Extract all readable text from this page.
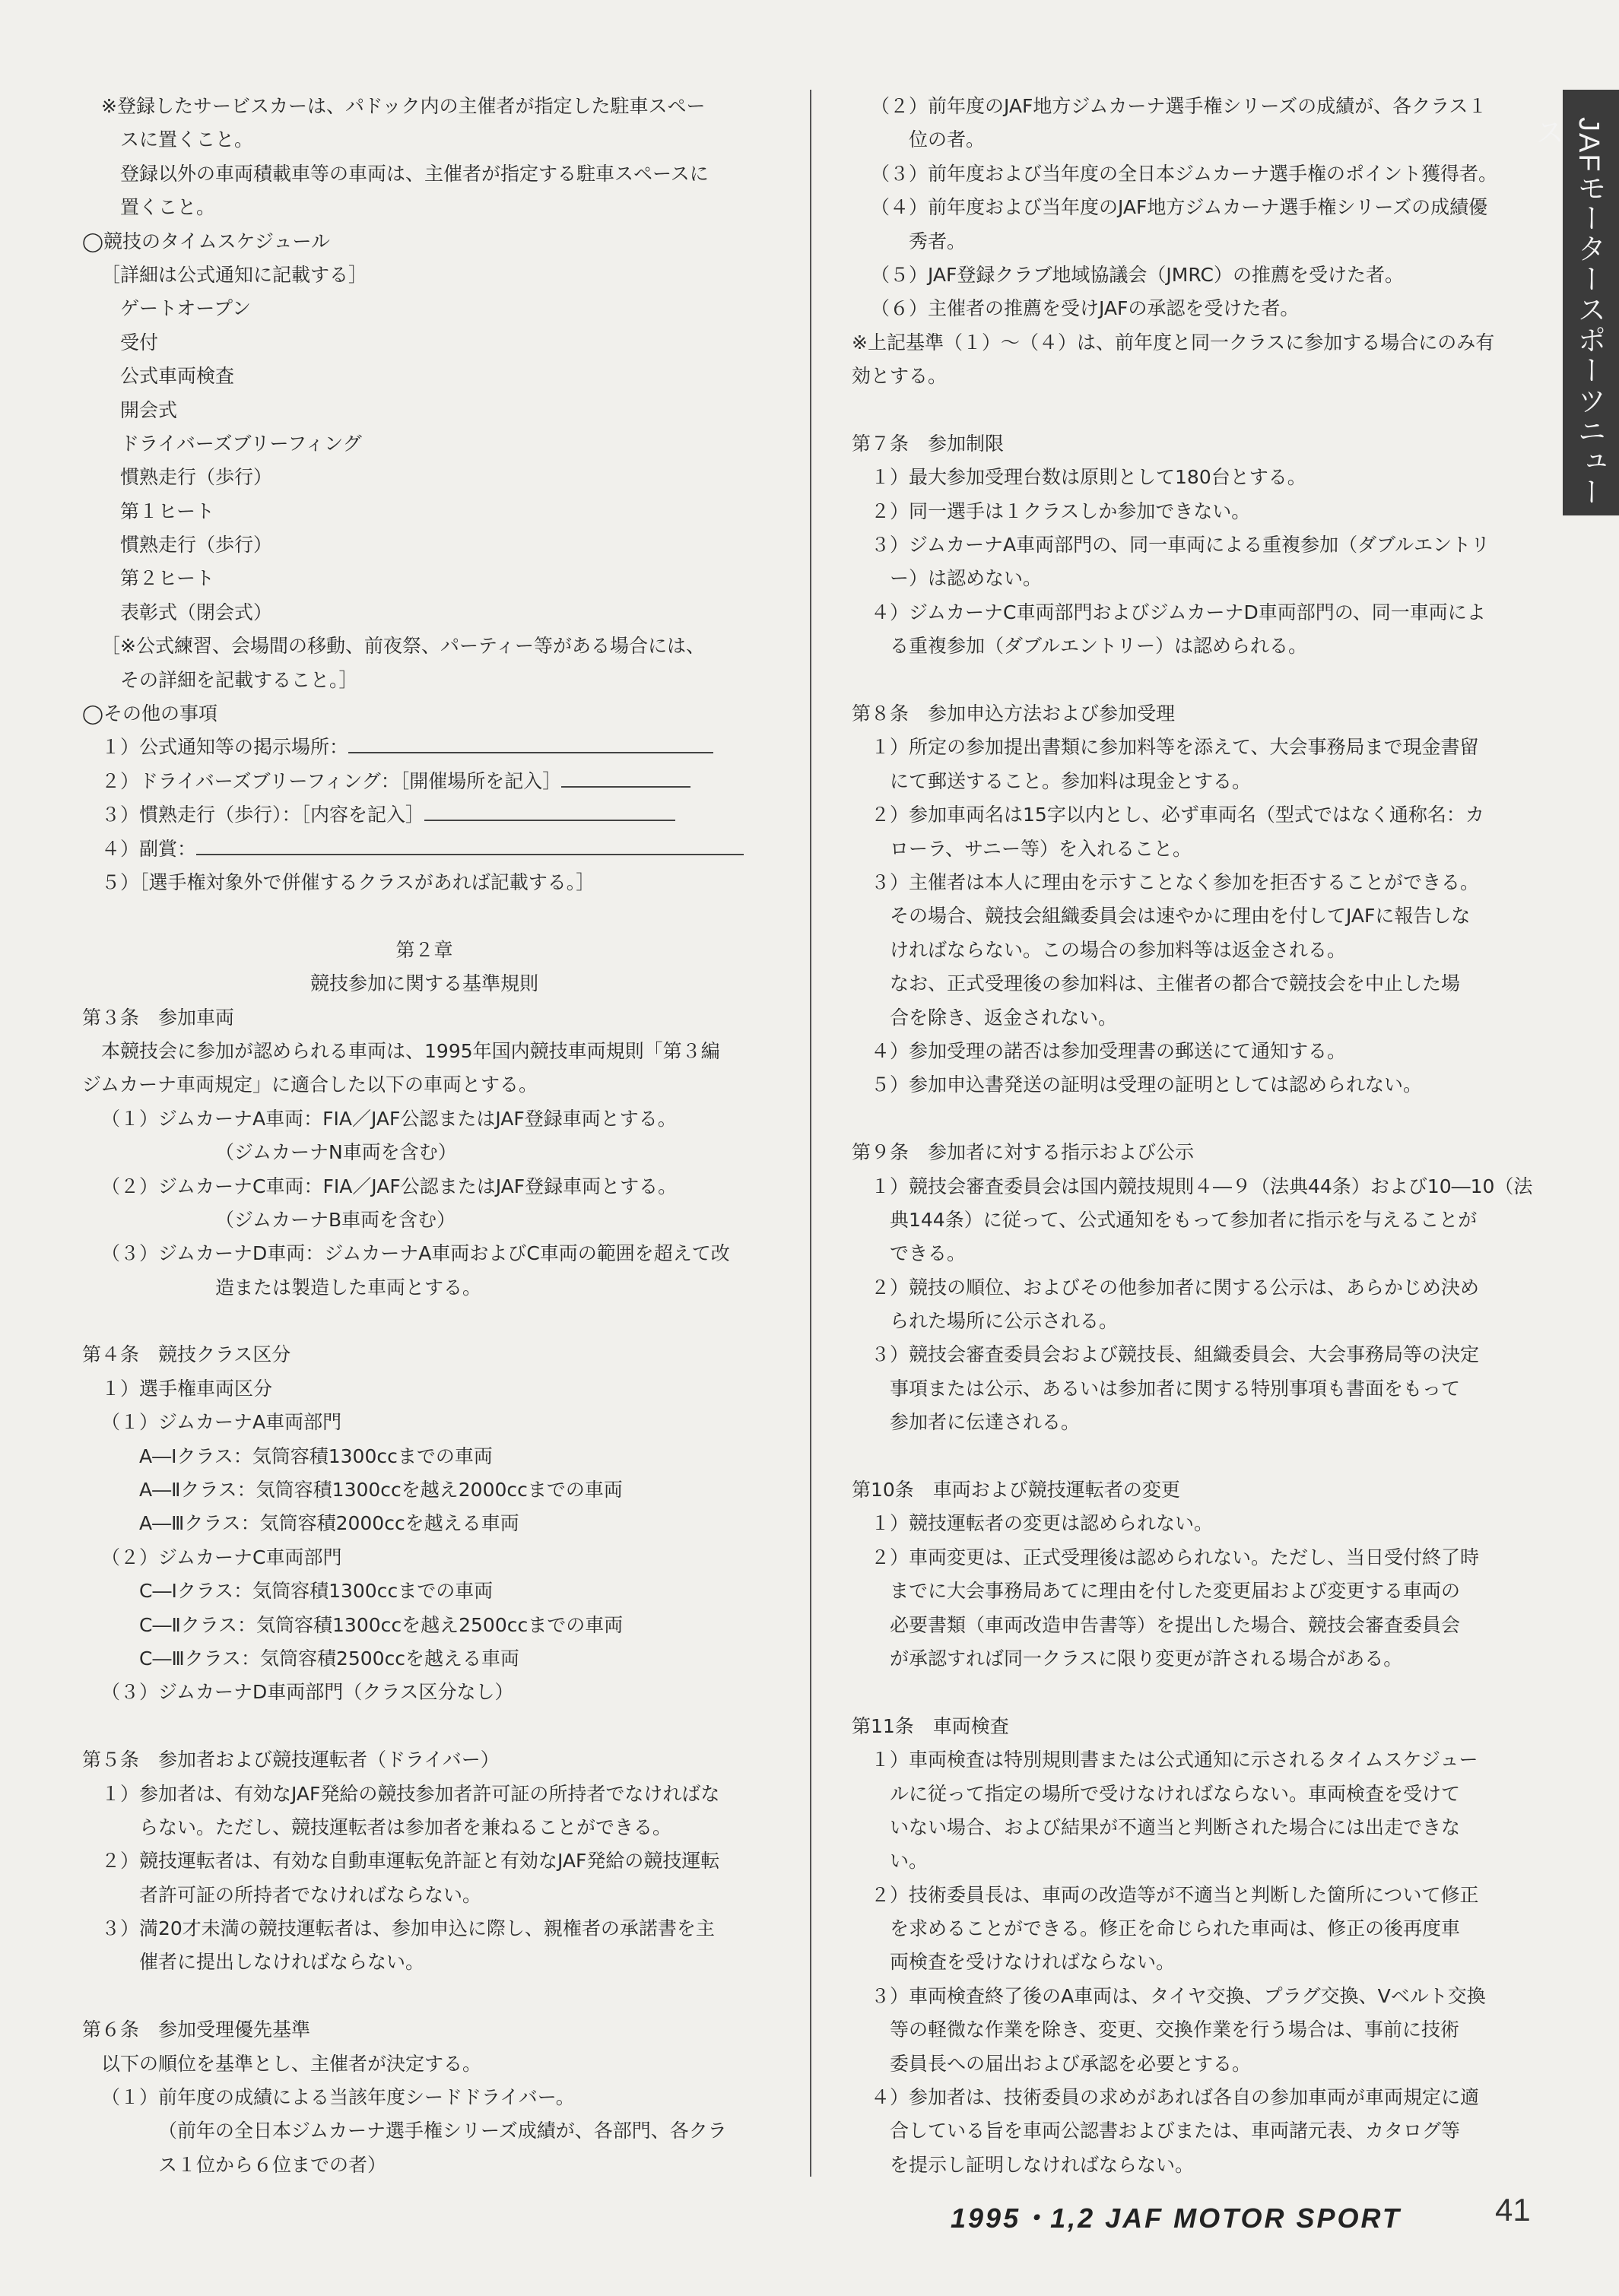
JAFモータースポーツニュース
※登録したサービスカーは、パドック内の主催者が指定した駐車スペー
スに置くこと。
登録以外の車両積載車等の車両は、主催者が指定する駐車スペースに
置くこと。
◯競技のタイムスケジュール
［詳細は公式通知に記載する］
ゲートオープン
受付
公式車両検査
開会式
ドライバーズブリーフィング
慣熟走行（歩行）
第１ヒート
慣熟走行（歩行）
第２ヒート
表彰式（閉会式）
［※公式練習、会場間の移動、前夜祭、パーティー等がある場合には、
その詳細を記載すること。］
◯その他の事項
１）公式通知等の掲示場所：
２）ドライバーズブリーフィング：［開催場所を記入］
３）慣熟走行（歩行）：［内容を記入］
４）副賞：
５）［選手権対象外で併催するクラスがあれば記載する。］
第２章
競技参加に関する基準規則
第３条　参加車両
本競技会に参加が認められる車両は、1995年国内競技車両規則「第３編
ジムカーナ車両規定」に適合した以下の車両とする。
（１）ジムカーナA車両：FIA／JAF公認またはJAF登録車両とする。
（ジムカーナN車両を含む）
（２）ジムカーナC車両：FIA／JAF公認またはJAF登録車両とする。
（ジムカーナB車両を含む）
（３）ジムカーナD車両：ジムカーナA車両およびC車両の範囲を超えて改
造または製造した車両とする。
第４条　競技クラス区分
１）選手権車両区分
（１）ジムカーナA車両部門
A―Ⅰクラス：気筒容積1300ccまでの車両
A―Ⅱクラス：気筒容積1300ccを越え2000ccまでの車両
A―Ⅲクラス：気筒容積2000ccを越える車両
（２）ジムカーナC車両部門
C―Ⅰクラス：気筒容積1300ccまでの車両
C―Ⅱクラス：気筒容積1300ccを越え2500ccまでの車両
C―Ⅲクラス：気筒容積2500ccを越える車両
（３）ジムカーナD車両部門（クラス区分なし）
第５条　参加者および競技運転者（ドライバー）
１）参加者は、有効なJAF発給の競技参加者許可証の所持者でなければな
らない。ただし、競技運転者は参加者を兼ねることができる。
２）競技運転者は、有効な自動車運転免許証と有効なJAF発給の競技運転
者許可証の所持者でなければならない。
３）満20才未満の競技運転者は、参加申込に際し、親権者の承諾書を主
催者に提出しなければならない。
第６条　参加受理優先基準
以下の順位を基準とし、主催者が決定する。
（１）前年度の成績による当該年度シードドライバー。
（前年の全日本ジムカーナ選手権シリーズ成績が、各部門、各クラ
ス１位から６位までの者）
（２）前年度のJAF地方ジムカーナ選手権シリーズの成績が、各クラス１
位の者。
（３）前年度および当年度の全日本ジムカーナ選手権のポイント獲得者。
（４）前年度および当年度のJAF地方ジムカーナ選手権シリーズの成績優
秀者。
（５）JAF登録クラブ地域協議会（JMRC）の推薦を受けた者。
（６）主催者の推薦を受けJAFの承認を受けた者。
※上記基準（１）〜（４）は、前年度と同一クラスに参加する場合にのみ有
効とする。
第７条　参加制限
１）最大参加受理台数は原則として180台とする。
２）同一選手は１クラスしか参加できない。
３）ジムカーナA車両部門の、同一車両による重複参加（ダブルエントリ
ー）は認めない。
４）ジムカーナC車両部門およびジムカーナD車両部門の、同一車両によ
る重複参加（ダブルエントリー）は認められる。
第８条　参加申込方法および参加受理
１）所定の参加提出書類に参加料等を添えて、大会事務局まで現金書留
にて郵送すること。参加料は現金とする。
２）参加車両名は15字以内とし、必ず車両名（型式ではなく通称名：カ
ローラ、サニー等）を入れること。
３）主催者は本人に理由を示すことなく参加を拒否することができる。
その場合、競技会組織委員会は速やかに理由を付してJAFに報告しな
ければならない。この場合の参加料等は返金される。
なお、正式受理後の参加料は、主催者の都合で競技会を中止した場
合を除き、返金されない。
４）参加受理の諾否は参加受理書の郵送にて通知する。
５）参加申込書発送の証明は受理の証明としては認められない。
第９条　参加者に対する指示および公示
１）競技会審査委員会は国内競技規則４―９（法典44条）および10―10（法
典144条）に従って、公式通知をもって参加者に指示を与えることが
できる。
２）競技の順位、およびその他参加者に関する公示は、あらかじめ決め
られた場所に公示される。
３）競技会審査委員会および競技長、組織委員会、大会事務局等の決定
事項または公示、あるいは参加者に関する特別事項も書面をもって
参加者に伝達される。
第10条　車両および競技運転者の変更
１）競技運転者の変更は認められない。
２）車両変更は、正式受理後は認められない。ただし、当日受付終了時
までに大会事務局あてに理由を付した変更届および変更する車両の
必要書類（車両改造申告書等）を提出した場合、競技会審査委員会
が承認すれば同一クラスに限り変更が許される場合がある。
第11条　車両検査
１）車両検査は特別規則書または公式通知に示されるタイムスケジュー
ルに従って指定の場所で受けなければならない。車両検査を受けて
いない場合、および結果が不適当と判断された場合には出走できな
い。
２）技術委員長は、車両の改造等が不適当と判断した箇所について修正
を求めることができる。修正を命じられた車両は、修正の後再度車
両検査を受けなければならない。
３）車両検査終了後のA車両は、タイヤ交換、プラグ交換、Vベルト交換
等の軽微な作業を除き、変更、交換作業を行う場合は、事前に技術
委員長への届出および承認を必要とする。
４）参加者は、技術委員の求めがあれば各自の参加車両が車両規定に適
合している旨を車両公認書およびまたは、車両諸元表、カタログ等
を提示し証明しなければならない。
1995・1,2 JAF MOTOR SPORT	41
